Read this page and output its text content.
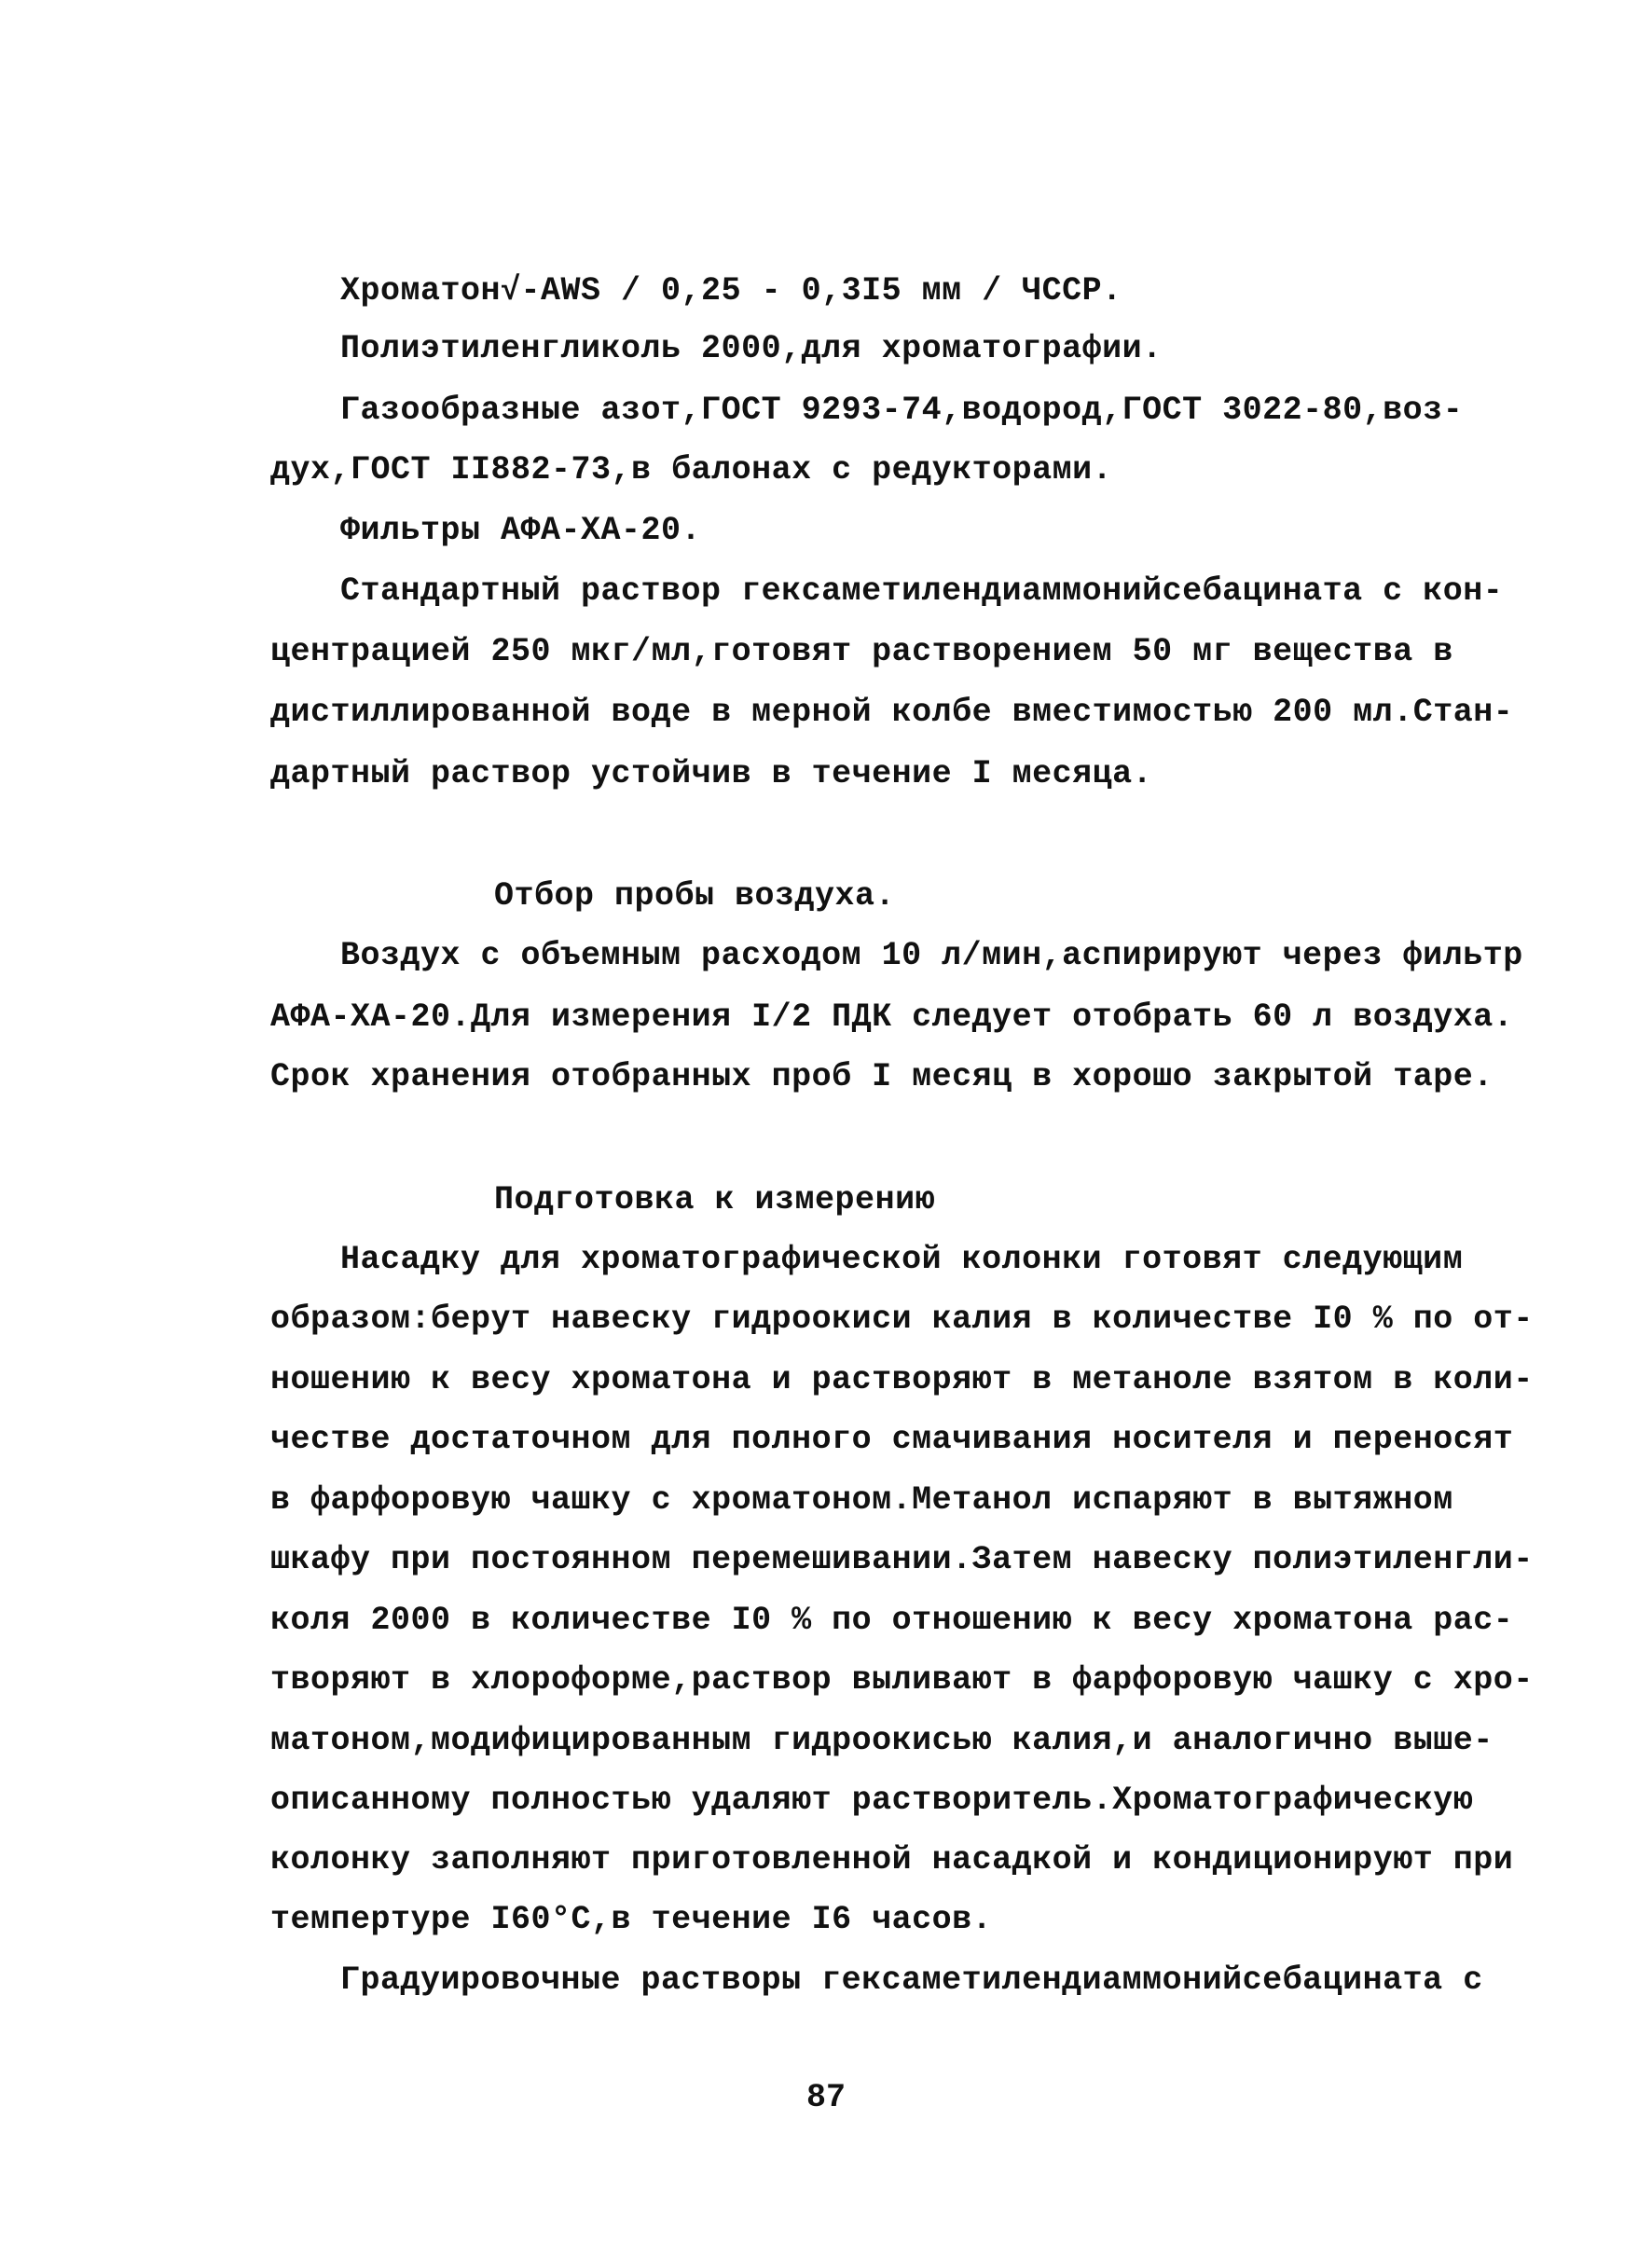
Хроматон√-AWS / 0,25 - 0,3I5 мм / ЧССР.
Полиэтиленгликоль 2000,для хроматографии.
Газообразные азот,ГОСТ 9293-74,водород,ГОСТ 3022-80,воз-
дух,ГОСТ II882-73,в балонах с редукторами.
Фильтры АФА-ХА-20.
Стандартный раствор гексаметилендиаммонийсебацината с кон-
центрацией 250 мкг/мл,готовят растворением 50 мг вещества в
дистиллированной воде в мерной колбе вместимостью 200 мл.Стан-
дартный раствор устойчив в течение I месяца.
Отбор пробы воздуха.
Воздух с объемным расходом 10 л/мин,аспирируют через фильтр
АФА-ХА-20.Для измерения I/2 ПДК следует отобрать 60 л воздуха.
Срок хранения отобранных проб I месяц в хорошо закрытой таре.
Подготовка к измерению
Насадку для хроматографической колонки готовят следующим
образом:берут навеску гидроокиси калия в количестве I0 % по от-
ношению к весу хроматона и растворяют в метаноле взятом в коли-
честве достаточном для полного смачивания носителя и переносят
в фарфоровую чашку с хроматоном.Метанол испаряют в вытяжном
шкафу при постоянном перемешивании.Затем навеску полиэтиленгли-
коля 2000 в количестве I0 % по отношению к весу хроматона рас-
творяют в хлороформе,раствор выливают в фарфоровую чашку с хро-
матоном,модифицированным гидроокисью калия,и аналогично выше-
описанному полностью удаляют растворитель.Хроматографическую
колонку заполняют приготовленной насадкой и кондиционируют при
темпертуре I60°С,в течение I6 часов.
Градуировочные растворы гексаметилендиаммонийсебацината с
87
